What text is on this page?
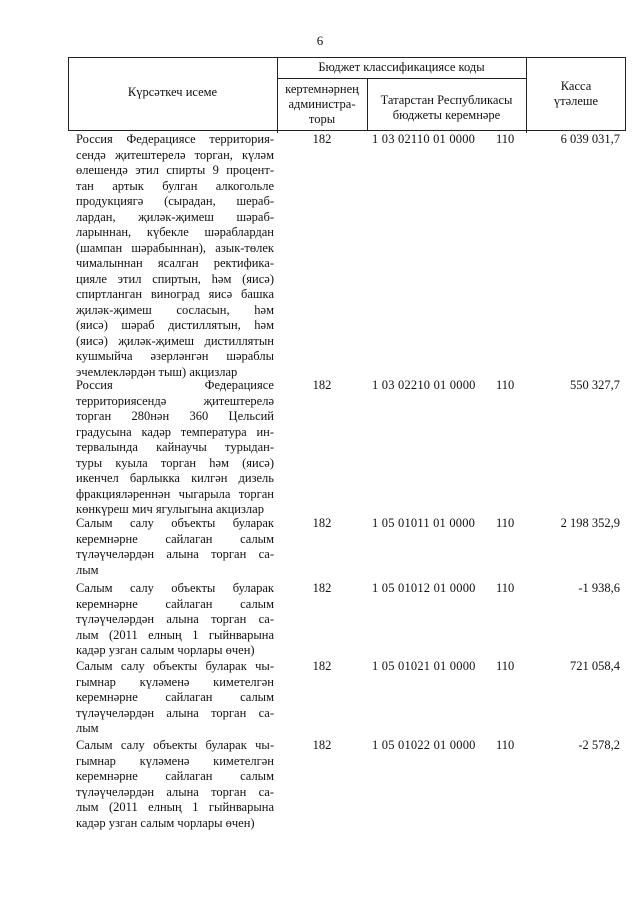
6
Күрсәткеч исеме
Бюджет классификациясе коды
кертемнәрнең
администра-
торы
Татарстан Республикасы
бюджеты керемнәре
Касса
үтәлеше
Россия Федерациясе территория-
сендә җитештерелә торган, күләм
өлешендә этил спирты 9 процент-
тан артык булган алкогольле
продукциягә (сырадан, шераб-
лардан, җиләк-җимеш шәраб-
ларыннан, күбекле шәраблардан
(шампан шәрабыннан), азык-төлек
чималыннан ясалган ректифика-
цияле этил спиртын, һәм (яисә)
спиртланган виноград яисә башка
җиләк-җимеш сосласын, һәм
(яисә) шәраб дистиллятын, һәм
(яисә) җиләк-җимеш дистиллятын
кушмыйча әзерләнгән шәраблы
эчемлекләрдән тыш) акцизлар
182	1 03 02110 01 0000	110	6 039 031,7
Россия Федерациясе
территориясендә җитештерелә
торган 280нән 360 Цельсий
градусына кадәр температура ин-
тервалында кайнаучы турыдан-
туры куыла торган һәм (яисә)
икенчел барлыкка килгән дизель
фракцияләреннән чыгарыла торган
көнкүреш мич ягулыгына акцизлар
182	1 03 02210 01 0000	110	550 327,7
Салым салу объекты буларак
керемнәрне сайлаган салым
түләүчеләрдән алына торган са-
лым
182	1 05 01011 01 0000	110	2 198 352,9
Салым салу объекты буларак
керемнәрне сайлаган салым
түләүчеләрдән алына торган са-
лым (2011 елның 1 гыйнварына
кадәр узган салым чорлары өчен)
182	1 05 01012 01 0000	110	-1 938,6
Салым салу объекты буларак чы-
гымнар күләменә киметелгән
керемнәрне сайлаган салым
түләүчеләрдән алына торган са-
лым
182	1 05 01021 01 0000	110	721 058,4
Салым салу объекты буларак чы-
гымнар күләменә киметелгән
керемнәрне сайлаган салым
түләүчеләрдән алына торган са-
лым (2011 елның 1 гыйнварына
кадәр узган салым чорлары өчен)
182	1 05 01022 01 0000	110	-2 578,2
